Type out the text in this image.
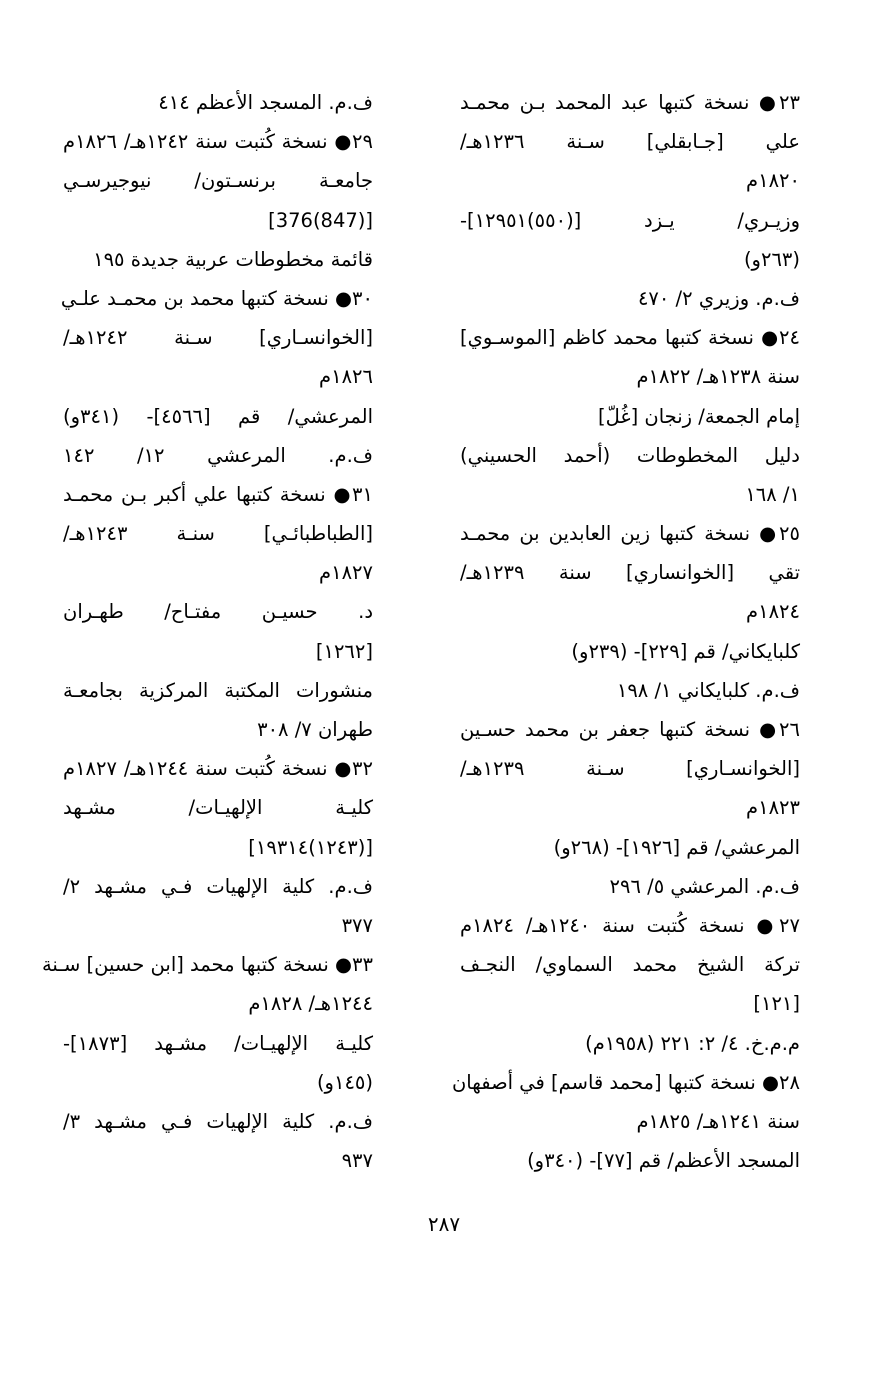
٢٣● نسخة كتبها عبد المحمد بـن محمـد
علي [جـابقلي] سـنة ١٢٣٦هـ/
١٨٢٠م
وزيـري/ يـزد [(٥٥٠)١٢٩٥١]-
(٢٦٣و)
ف.م. وزيري ٢/ ٤٧٠
٢٤● نسخة كتبها محمد كاظم [الموسـوي]
سنة ١٢٣٨هـ/ ١٨٢٢م
إمام الجمعة/ زنجان [غُلّ]
دليل المخطوطات (أحمد الحسيني)
١/ ١٦٨
٢٥● نسخة كتبها زين العابدين بن محمـد
تقي [الخوانساري] سنة ١٢٣٩هـ/
١٨٢٤م
كلبايكاني/ قم [٢٢٩]- (٢٣٩و)
ف.م. كلبايكاني ١/ ١٩٨
٢٦● نسخة كتبها جعفر بن محمد حسـين
[الخوانسـاري] سـنة ١٢٣٩هـ/
١٨٢٣م
المرعشي/ قم [١٩٢٦]- (٢٦٨و)
ف.م. المرعشي ٥/ ٢٩٦
٢٧● نسخة كُتبت سنة ١٢٤٠هـ/ ١٨٢٤م
تركة الشيخ محمد السماوي/ النجـف
[١٢١]
م.م.خ. ٤/ ٢: ٢٢١ (١٩٥٨م)
٢٨● نسخة كتبها [محمد قاسم] في أصفهان
سنة ١٢٤١هـ/ ١٨٢٥م
المسجد الأعظم/ قم [٧٧]- (٣٤٠و)
ف.م. المسجد الأعظم ٤١٤
٢٩● نسخة كُتبت سنة ١٢٤٢هـ/ ١٨٢٦م
جامعـة برنسـتون/ نيوجيرسـي
[(847)376]
قائمة مخطوطات عربية جديدة ١٩٥
٣٠● نسخة كتبها محمد بن محمـد علـي
[الخوانسـاري] سـنة ١٢٤٢هـ/
١٨٢٦م
المرعشي/ قم [٤٥٦٦]- (٣٤١و)
ف.م. المرعشي ١٢/ ١٤٢
٣١● نسخة كتبها علي أكبر بـن محمـد
[الطباطبائـي] سنـة ١٢٤٣هـ/
١٨٢٧م
د. حسيـن مفتـاح/ طهـران
[١٢٦٢]
منشورات المكتبة المركزية بجامعـة
طهران ٧/ ٣٠٨
٣٢● نسخة كُتبت سنة ١٢٤٤هـ/ ١٨٢٧م
كليـة الإلهيـات/ مشـهد
[(١٢٤٣)١٩٣١٤]
ف.م. كلية الإلهيات فـي مشـهد ٢/
٣٧٧
٣٣● نسخة كتبها محمد [ابن حسين] سـنة
١٢٤٤هـ/ ١٨٢٨م
كليـة الإلهيـات/ مشـهد [١٨٧٣]-
(١٤٥و)
ف.م. كلية الإلهيات فـي مشـهد ٣/
٩٣٧
٢٨٧
